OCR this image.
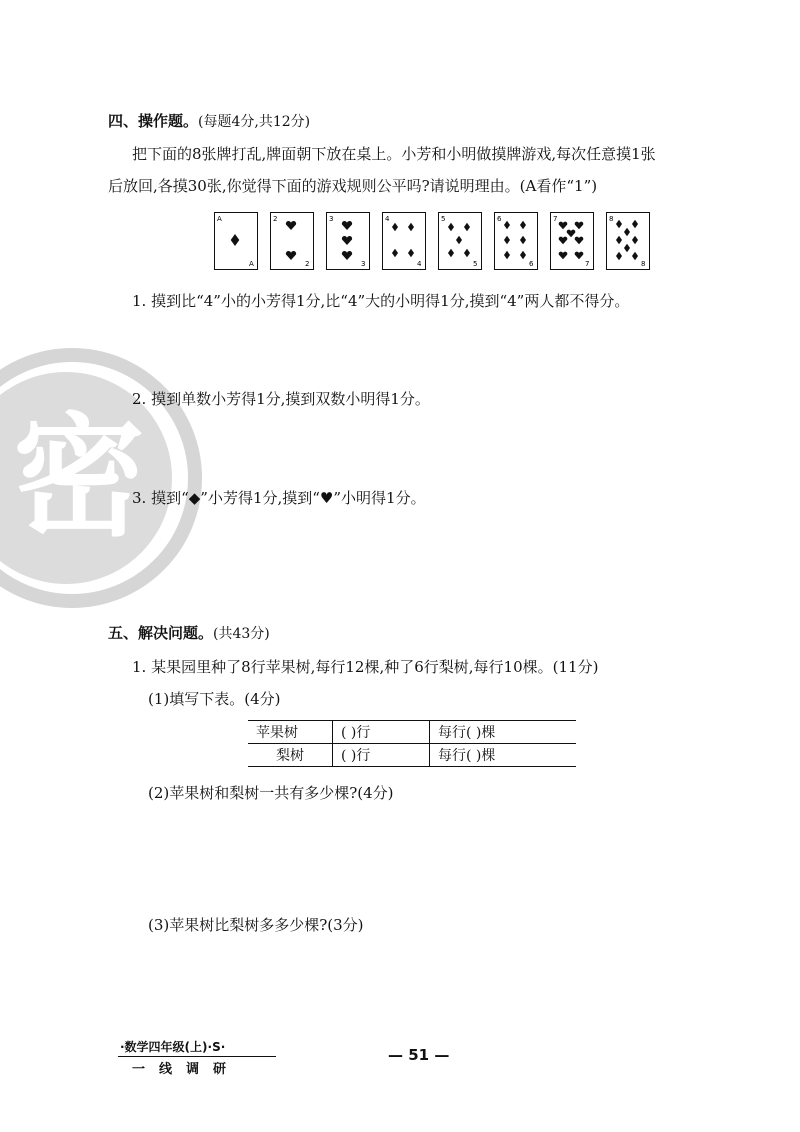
密
四、操作题。(每题4分,共12分)
把下面的8张牌打乱,牌面朝下放在桌上。小芳和小明做摸牌游戏,每次任意摸1张
后放回,各摸30张,你觉得下面的游戏规则公平吗?请说明理由。(A看作“1”)
A
A
2
2
3
3
4
4
5
5
6
6
7
7
8
8
1. 摸到比“4”小的小芳得1分,比“4”大的小明得1分,摸到“4”两人都不得分。
2. 摸到单数小芳得1分,摸到双数小明得1分。
3. 摸到“◆”小芳得1分,摸到“♥”小明得1分。
五、解决问题。(共43分)
1. 某果园里种了8行苹果树,每行12棵,种了6行梨树,每行10棵。(11分)
(1)填写下表。(4分)
苹果树	( )行	每行( )棵
梨树	( )行	每行( )棵
(2)苹果树和梨树一共有多少棵?(4分)
(3)苹果树比梨树多多少棵?(3分)
·数学四年级(上)·S·
一线调研
— 51 —
